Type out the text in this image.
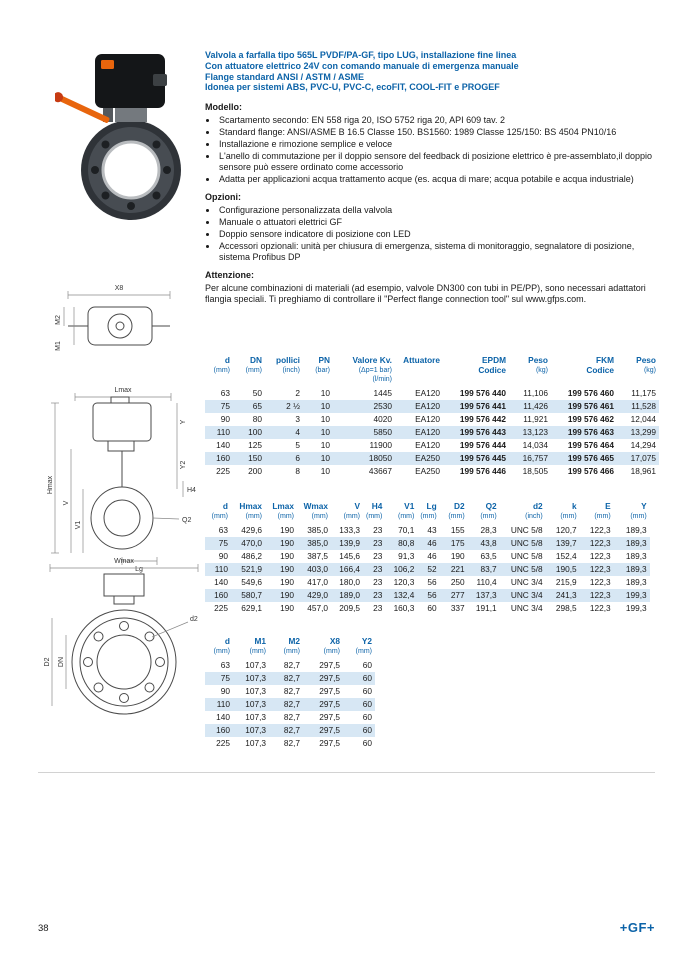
Valvola a farfalla tipo 565L PVDF/PA-GF, tipo LUG, installazione fine linea
Con attuatore elettrico 24V con comando manuale di emergenza manuale
Flange standard ANSI / ASTM / ASME
Idonea per sistemi ABS, PVC-U, PVC-C, ecoFIT, COOL-FIT e PROGEF
Modello:
• Scartamento secondo: EN 558 riga 20, ISO 5752 riga 20, API 609 tav. 2
• Standard flange: ANSI/ASME B 16.5 Classe 150. BS1560: 1989 Classe 125/150: BS 4504 PN10/16
• Installazione e rimozione semplice e veloce
• L'anello di commutazione per il doppio sensore del feedback di posizione elettrico è pre-assemblato,il doppio sensore può essere ordinato come accessorio
• Adatta per applicazioni acqua trattamento acque (es. acqua di mare; acqua potabile e acqua industriale)
Opzioni:
• Configurazione personalizzata della valvola
• Manuale o attuatori elettrici GF
• Doppio sensore indicatore di posizione con LED
• Accessori opzionali: unità per chiusura di emergenza, sistema di monitoraggio, segnalatore di posizione, sistema Profibus DP
Attenzione:

Per alcune combinazioni di materiali (ad esempio, valvole DN300 con tubi in PE/PP), sono necessari adattatori flangia speciali. Ti preghiamo di controllare il "Perfect flange connection tool" sul www.gfps.com.

d
(mm)

DN
(mm)

pollici
(inch)

PN
(bar)

Valore Kv.
(Δp=1 bar)
(l/min)

Attuatore	EPDM
Codice

Peso
(kg)

FKM
Codice

Peso
(kg)

63	50	2	10	1445	EA120	199 576 440	11,106	199 576 460	11,175
75	65	2 ½	10	2530	EA120	199 576 441	11,426	199 576 461	11,528
90	80	3	10	4020	EA120	199 576 442	11,921	199 576 462	12,044
110	100	4	10	5850	EA120	199 576 443	13,123	199 576 463	13,299
140	125	5	10	11900	EA120	199 576 444	14,034	199 576 464	14,294
160	150	6	10	18050	EA250	199 576 445	16,757	199 576 465	17,075
225	200	8	10	43667	EA250	199 576 446	18,505	199 576 466	18,961
d
(mm)

Hmax
(mm)

Lmax
(mm)

Wmax
(mm)

V
(mm)

H4
(mm)

V1
(mm)

Lg
(mm)

D2
(mm)

Q2
(mm)

d2
(inch)

k
(mm)

E
(mm)

Y
(mm)

63	429,6	190	385,0	133,3	23	70,1	43	155	28,3	UNC 5/8	120,7	122,3	189,3
75	470,0	190	385,0	139,9	23	80,8	46	175	43,8	UNC 5/8	139,7	122,3	189,3
90	486,2	190	387,5	145,6	23	91,3	46	190	63,5	UNC 5/8	152,4	122,3	189,3
110	521,9	190	403,0	166,4	23	106,2	52	221	83,7	UNC 5/8	190,5	122,3	189,3
140	549,6	190	417,0	180,0	23	120,3	56	250	110,4	UNC 3/4	215,9	122,3	189,3
160	580,7	190	429,0	189,0	23	132,4	56	277	137,3	UNC 3/4	241,3	122,3	199,3
225	629,1	190	457,0	209,5	23	160,3	60	337	191,1	UNC 3/4	298,5	122,3	199,3
d
(mm)

M1
(mm)

M2
(mm)

X8
(mm)

Y2
(mm)

63	107,3	82,7	297,5	60
75	107,3	82,7	297,5	60
90	107,3	82,7	297,5	60
110	107,3	82,7	297,5	60
140	107,3	82,7	297,5	60
160	107,3	82,7	297,5	60
225	107,3	82,7	297,5	60
X8
M2
M1
Lmax
Hmax
V
V1
Y
Y2
H4
Q2
Lg
Wmax
d2
D2 DN
38	+GF+
